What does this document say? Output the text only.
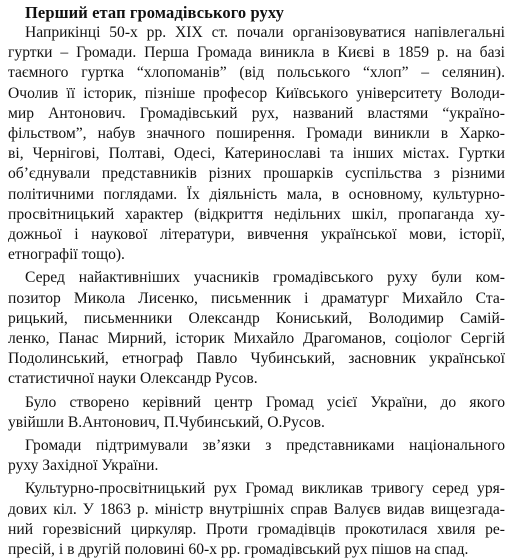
Перший етап громадівського руху
Наприкінці 50-х рр. XIX ст. почали організовуватися напівлегальні
гуртки – Громади. Перша Громада виникла в Києві в 1859 р. на базі
таємного гуртка “хлопоманів” (від польського “хлоп” – селянин).
Очолив її історик, пізніше професор Київського університету Володи-
мир Антонович. Громадівський рух, названий властями “українo-
фільством”, набув значного поширення. Громади виникли в Харко-
ві, Чернігові, Полтаві, Одесі, Катеринославі та інших містах. Гуртки
об’єднували представників різних прошарків суспільства з різними
політичними поглядами. Їх діяльність мала, в основному, культурно-
просвітницький характер (відкриття недільних шкіл, пропаганда ху-
дожньої і наукової літератури, вивчення української мови, історії,
етнографії тощо).
Серед найактивніших учасників громадівського руху були ком-
позитор Микола Лисенко, письменник і драматург Михайло Ста-
рицький, письменники Олександр Кониський, Володимир Самій-
ленко, Панас Мирний, історик Михайло Драгоманов, соціолог Сергій
Подолинський, етнограф Павло Чубинський, засновник української
статистичної науки Олександр Русов.
Було створено керівний центр Громад усієї України, до якого
увійшли В.Антонович, П.Чубинський, О.Русов.
Громади підтримували зв’язки з представниками національного
руху Західної України.
Культурно-просвітницький рух Громад викликав тривогу серед уря-
дових кіл. У 1863 р. міністр внутрішніх справ Валуєв видав вищезгада-
ний горезвісний циркуляр. Проти громадівців прокотилася хвиля ре-
пресій, і в другій половині 60-х рр. громадівський рух пішов на спад.
